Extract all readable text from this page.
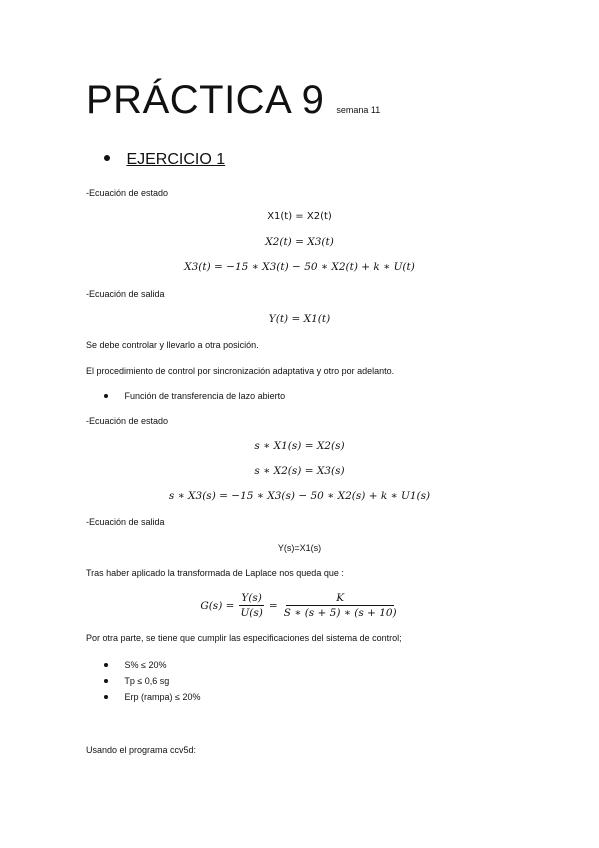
PRÁCTICA 9 semana 11
EJERCICIO 1
-Ecuación de estado
X1(t) = X2(t)
X2(t) = X3(t)
X3(t) = −15 ∗ X3(t) − 50 ∗ X2(t) + k ∗ U(t)
-Ecuación de salida
Y(t) = X1(t)
Se debe controlar y llevarlo a otra posición.
El procedimiento de control por sincronización adaptativa y otro por adelanto.
Función de transferencia de lazo abierto
-Ecuación de estado
s ∗ X1(s) = X2(s)
s ∗ X2(s) = X3(s)
s ∗ X3(s) = −15 ∗ X3(s) − 50 ∗ X2(s) + k ∗ U1(s)
-Ecuación de salida
Y(s)=X1(s)
Tras haber aplicado la transformada de Laplace nos queda que :
$G(s) = \frac{Y(s)}{U(s)} = \frac{K}{S ∗ (s + 5) ∗ (s + 10)}$
Por otra parte, se tiene que cumplir las especificaciones del sistema de control;
S% ≤ 20%
Tp ≤ 0,6 sg
Erp (rampa) ≤ 20%
Usando el programa ccv5d:
